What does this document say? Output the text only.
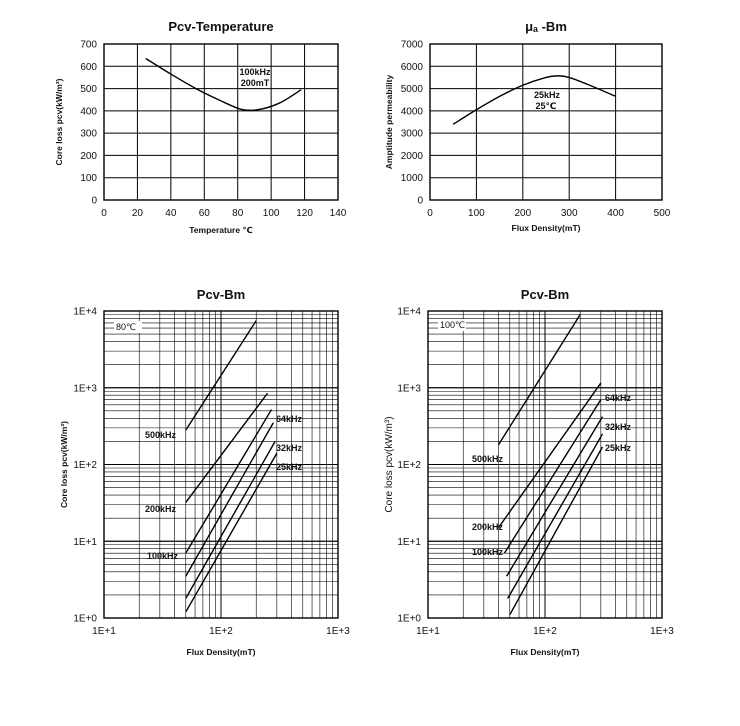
0	20 40 60 80 100 120 140
0
100
200
300
400
500
600
700
Pcv-Temperature
Temperature ℃
Core loss pcv(kW/m³)
100kHz
200mT
0	100	200	300	400	500
0
1000
2000
3000
4000
5000
6000
7000
μₐ -Bm
Flux Density(mT)
Amptitude permeability	25kHz
25℃
1E+1	1E+2	1E+3
1E+0
1E+1
1E+2
1E+3
1E+4
Pcv-Bm
Flux Density(mT)
Core loss pcv(kW/m³)	500kHz
200kHz
100kHz
64kHz
32kHz
25kHz
80℃
1E+1	1E+2	1E+3
1E+0
1E+1
1E+2
1E+3
1E+4
Pcv-Bm
Flux Density(mT)
Core loss pcv(kW/m³)	500kHz
200kHz
100kHz
64kHz
32kHz
25kHz
100℃
